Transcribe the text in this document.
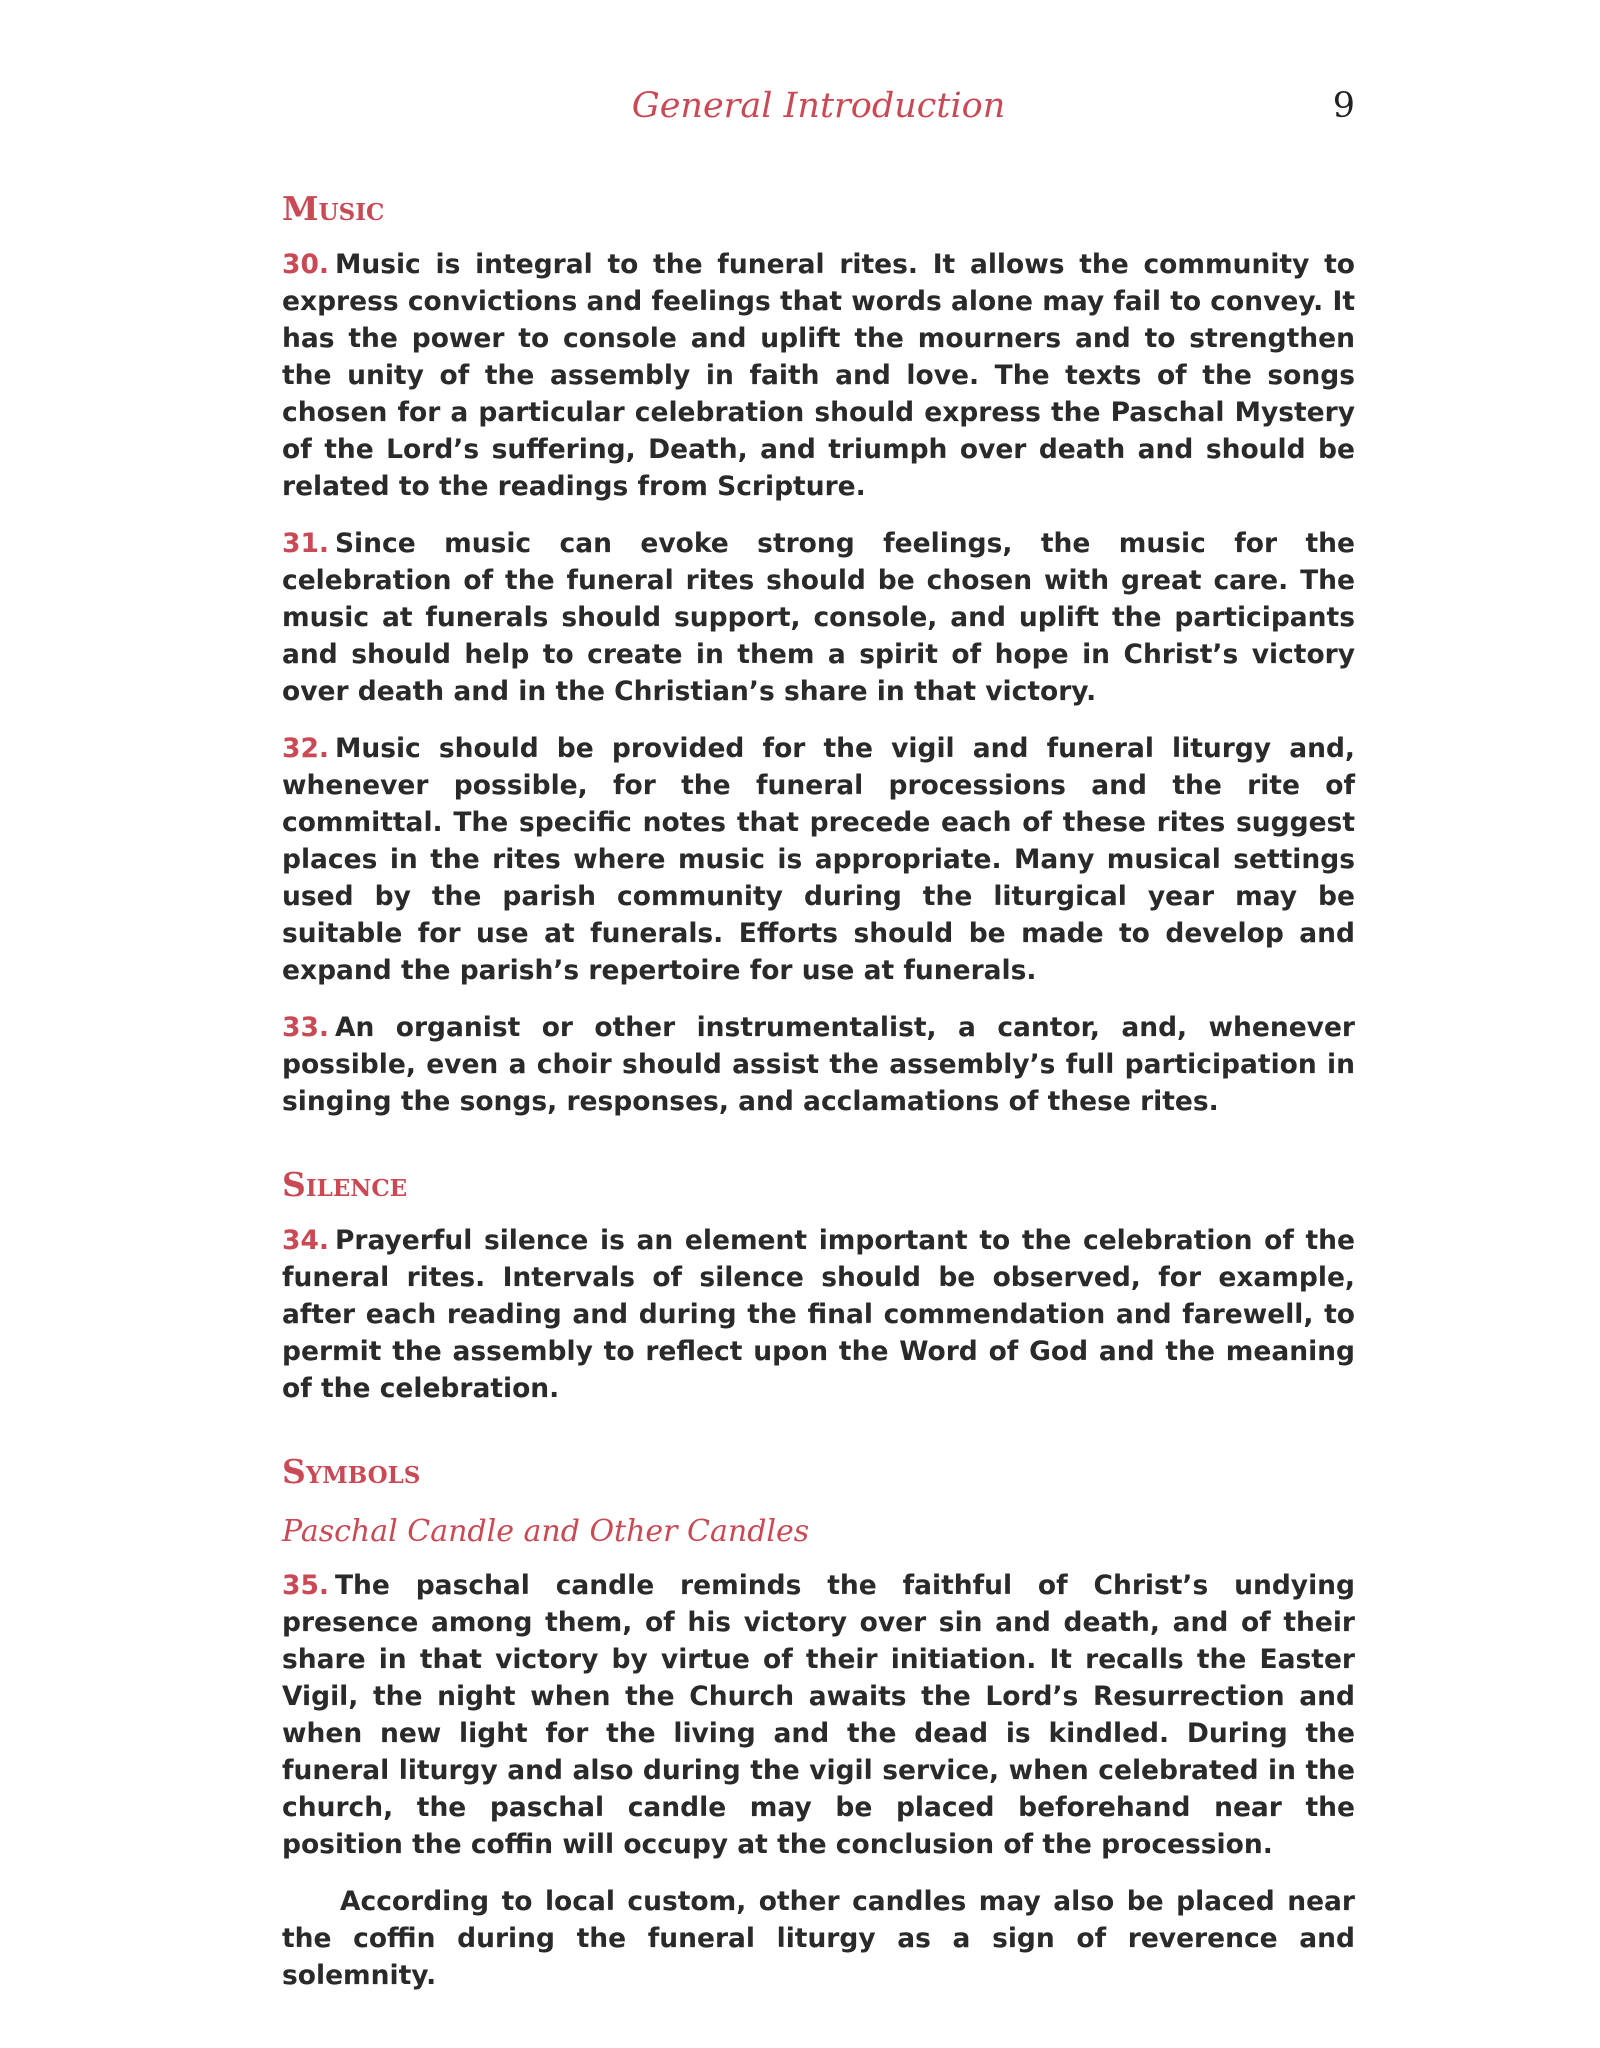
General Introduction	9
Music

30. Music is integral to the funeral rites. It allows the community to express convictions and feelings that words alone may fail to convey. It has the power to console and uplift the mourners and to strengthen the unity of the assembly in faith and love. The texts of the songs chosen for a particular celebration should express the Paschal Mystery of the Lord’s suffering, Death, and triumph over death and should be related to the readings from Scripture.

31. Since music can evoke strong feelings, the music for the celebration of the funeral rites should be chosen with great care. The music at funerals should support, console, and uplift the participants and should help to create in them a spirit of hope in Christ’s victory over death and in the Christian’s share in that victory.

32. Music should be provided for the vigil and funeral liturgy and, whenever possible, for the funeral processions and the rite of committal. The specific notes that precede each of these rites suggest places in the rites where music is appropriate. Many musical settings used by the parish community during the liturgical year may be suitable for use at funerals. Efforts should be made to develop and expand the parish’s repertoire for use at funerals.

33. An organist or other instrumentalist, a cantor, and, whenever possible, even a choir should assist the assembly’s full participation in singing the songs, responses, and acclamations of these rites.

Silence

34. Prayerful silence is an element important to the celebration of the funeral rites. Intervals of silence should be observed, for example, after each reading and during the final commendation and farewell, to permit the assembly to reflect upon the Word of God and the meaning of the celebration.

Symbols
Paschal Candle and Other Candles

35. The paschal candle reminds the faithful of Christ’s undying presence among them, of his victory over sin and death, and of their share in that victory by virtue of their initiation. It recalls the Easter Vigil, the night when the Church awaits the Lord’s Resurrection and when new light for the living and the dead is kindled. During the funeral liturgy and also during the vigil service, when celebrated in the church, the paschal candle may be placed beforehand near the position the coffin will occupy at the conclusion of the procession.

According to local custom, other candles may also be placed near the coffin during the funeral liturgy as a sign of reverence and solemnity.
